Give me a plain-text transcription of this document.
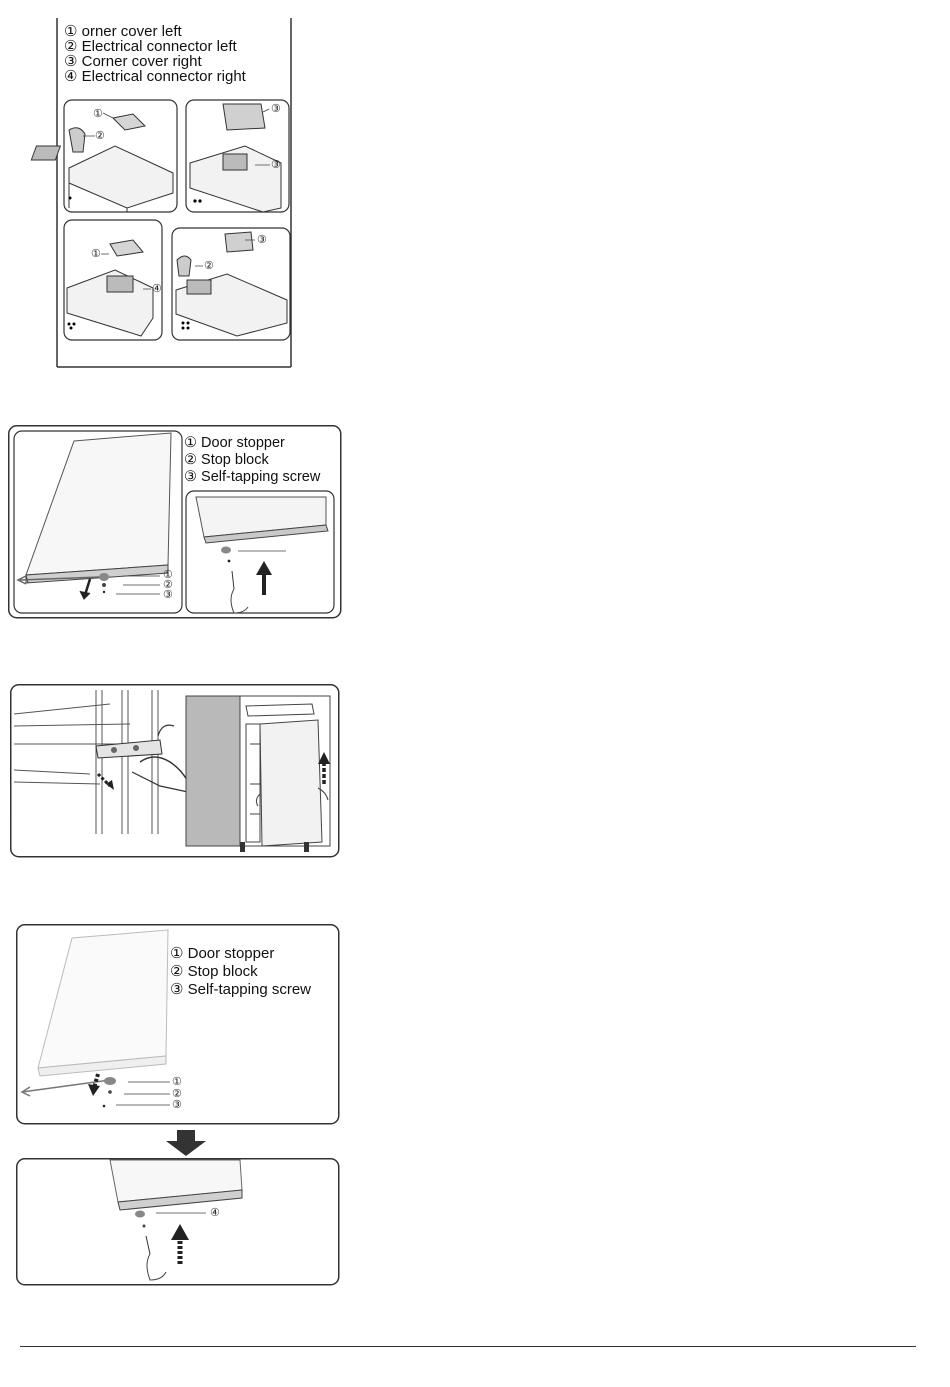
① orner cover left
② Electrical connector left
③ Corner cover right
④ Electrical connector right
①
②
③
③
①
④
②
③
① Door stopper
② Stop block
③ Self-tapping screw
①
②
③
① Door stopper
② Stop block
③ Self-tapping screw
①
②
③
④
